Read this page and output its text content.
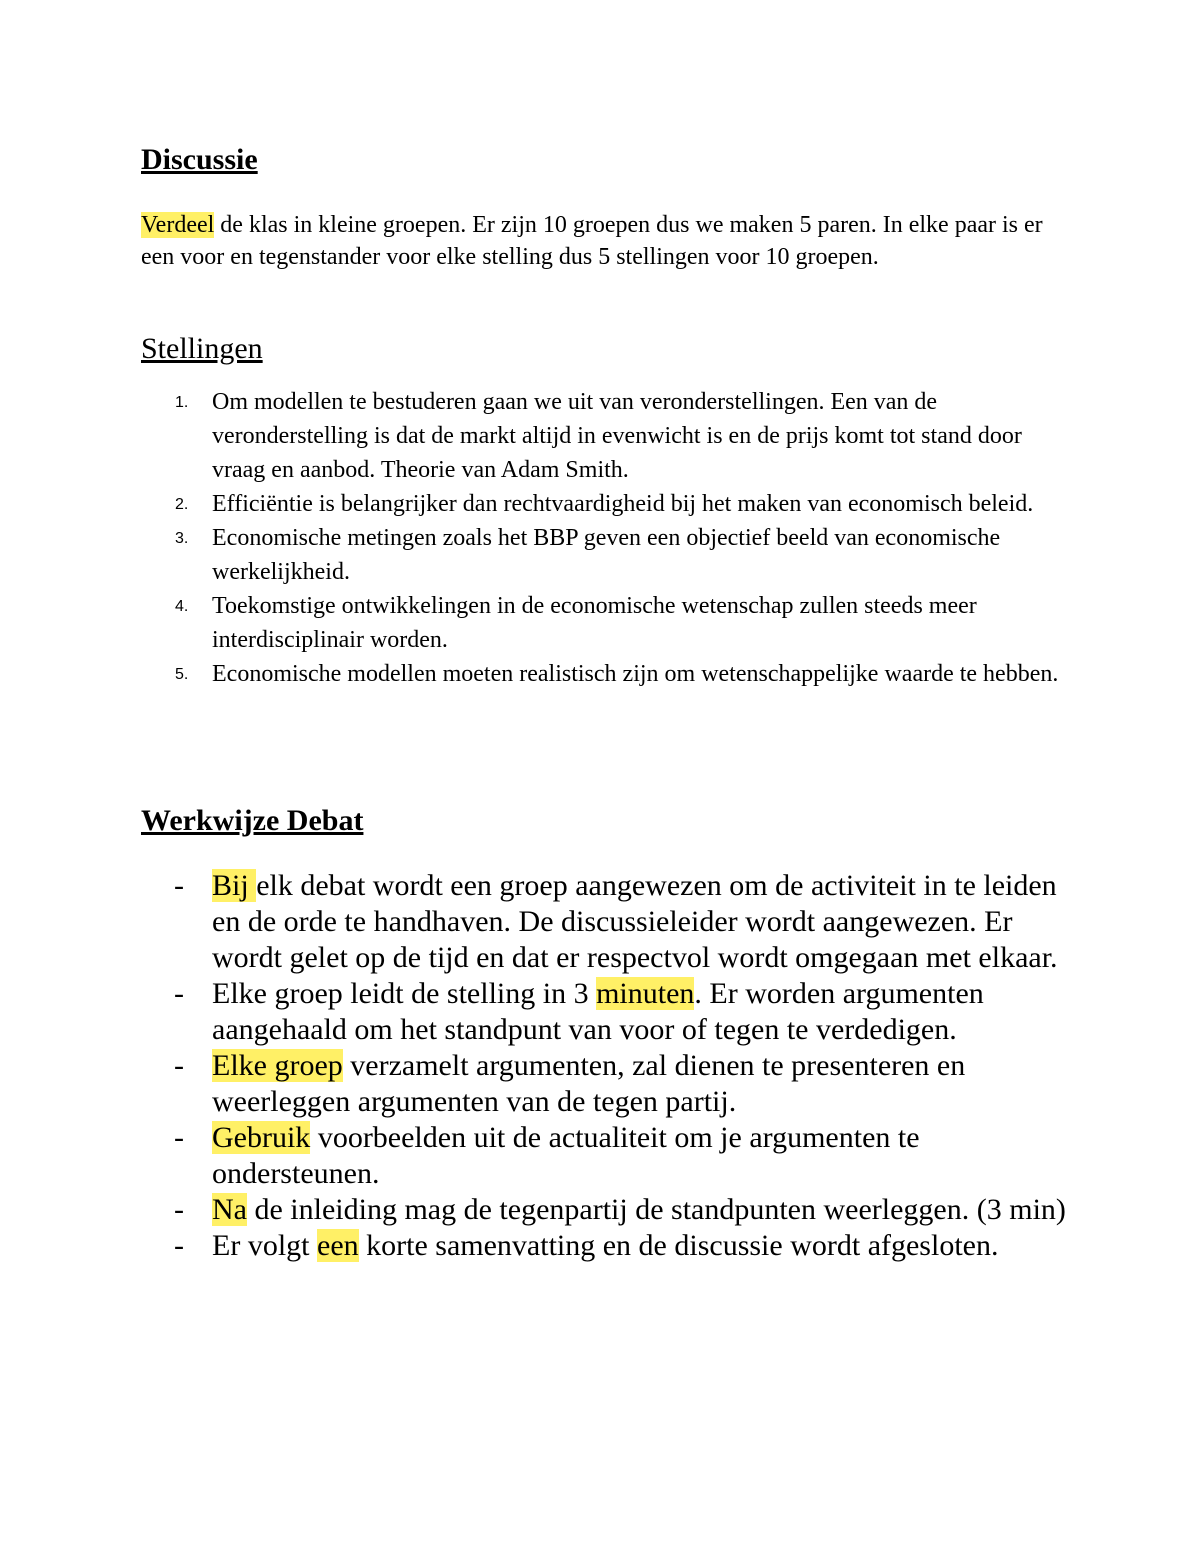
Discussie

Verdeel de klas in kleine groepen. Er zijn 10 groepen dus we maken 5 paren. In elke paar is er een voor en tegenstander voor elke stelling dus 5 stellingen voor 10 groepen.

Stellingen
1. Om modellen te bestuderen gaan we uit van veronderstellingen. Een van de veronderstelling is dat de markt altijd in evenwicht is en de prijs komt tot stand door vraag en aanbod. Theorie van Adam Smith.
2. Efficiëntie is belangrijker dan rechtvaardigheid bij het maken van economisch beleid.
3. Economische metingen zoals het BBP geven een objectief beeld van economische werkelijkheid.
4. Toekomstige ontwikkelingen in de economische wetenschap zullen steeds meer interdisciplinair worden.
5. Economische modellen moeten realistisch zijn om wetenschappelijke waarde te hebben.
Werkwijze Debat
- Bij elk debat wordt een groep aangewezen om de activiteit in te leiden en de orde te handhaven. De discussieleider wordt aangewezen. Er wordt gelet op de tijd en dat er respectvol wordt omgegaan met elkaar.
- Elke groep leidt de stelling in 3 minuten. Er worden argumenten aangehaald om het standpunt van voor of tegen te verdedigen.
- Elke groep verzamelt argumenten, zal dienen te presenteren en weerleggen argumenten van de tegen partij.
- Gebruik voorbeelden uit de actualiteit om je argumenten te ondersteunen.
- Na de inleiding mag de tegenpartij de standpunten weerleggen. (3 min)
- Er volgt een korte samenvatting en de discussie wordt afgesloten.
